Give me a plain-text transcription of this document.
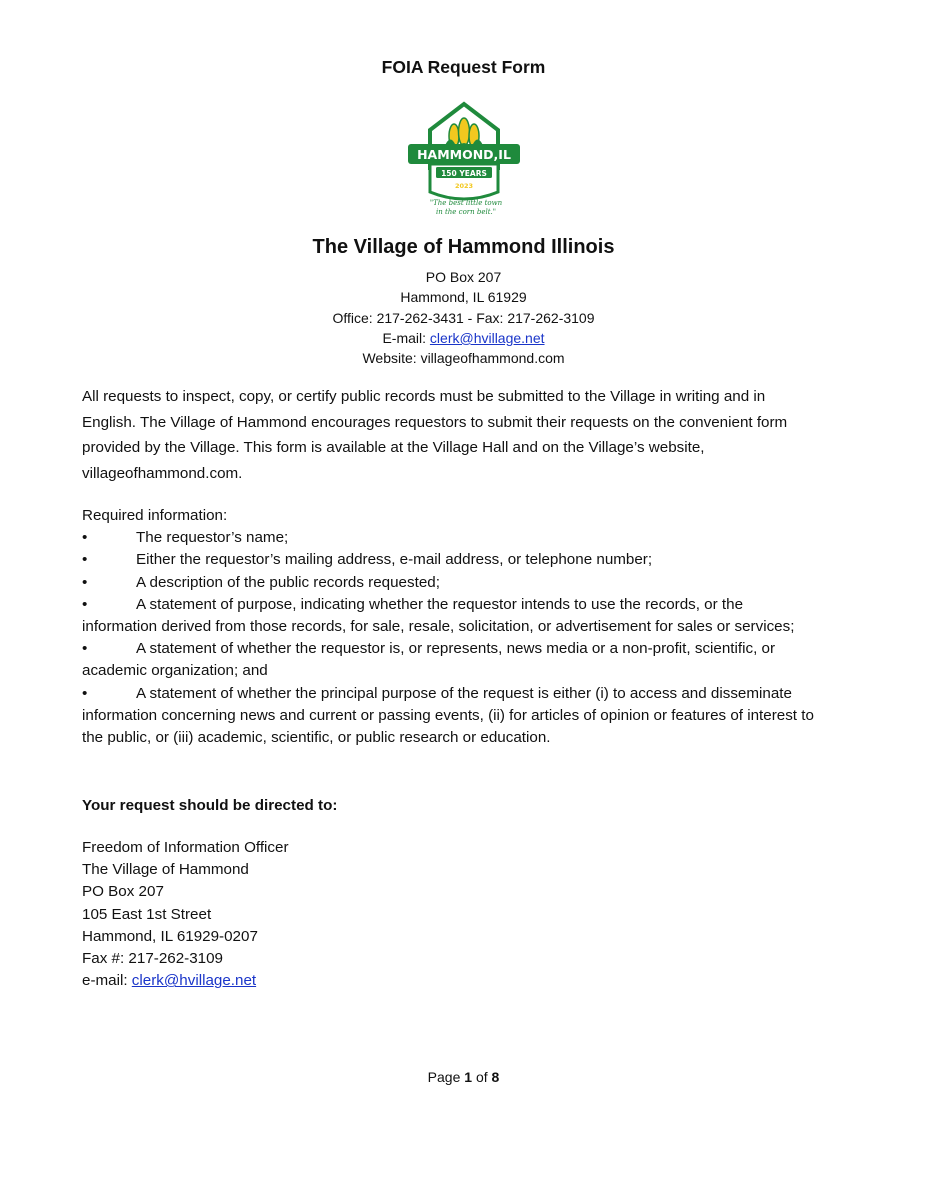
FOIA Request Form
HAMMOND,IL
150 YEARS
2023
"The best little town
in the corn belt."
The Village of Hammond Illinois
PO Box 207
Hammond, IL 61929
Office: 217-262-3431 - Fax: 217-262-3109
E-mail: clerk@hvillage.net
Website: villageofhammond.com
All requests to inspect, copy, or certify public records must be submitted to the Village in writing and in English. The Village of Hammond encourages requestors to submit their requests on the convenient form provided by the Village. This form is available at the Village Hall and on the Village’s website, villageofhammond.com.
Required information:
•	The requestor’s name;
•	Either the requestor’s mailing address, e-mail address, or telephone number;
•	A description of the public records requested;
•	A statement of purpose, indicating whether the requestor intends to use the records, or the information derived from those records, for sale, resale, solicitation, or advertisement for sales or services;
•	A statement of whether the requestor is, or represents, news media or a non-profit, scientific, or academic organization; and
•	A statement of whether the principal purpose of the request is either (i) to access and disseminate information concerning news and current or passing events, (ii) for articles of opinion or features of interest to the public, or (iii) academic, scientific, or public research or education.
Your request should be directed to:
Freedom of Information Officer
The Village of Hammond
PO Box 207
105 East 1st Street
Hammond, IL 61929-0207
Fax #: 217-262-3109
e-mail: clerk@hvillage.net
Page 1 of 8
